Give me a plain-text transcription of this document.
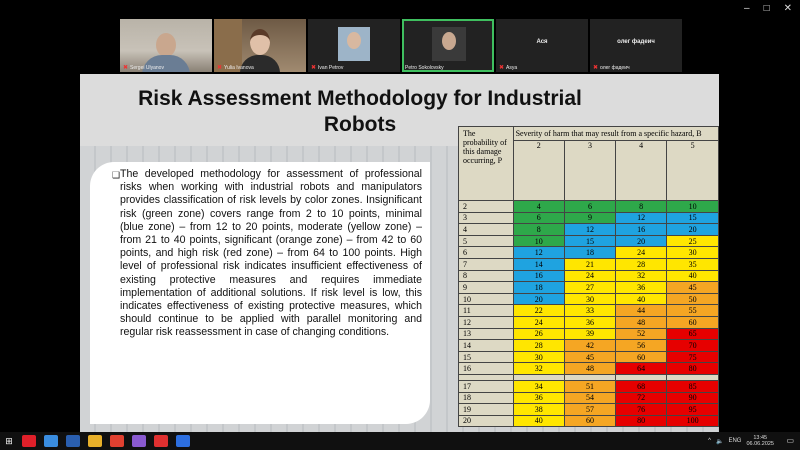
– □ ✕
✖ Sergei Ulyanov	✖ Yulia Ivanova	✖ Ivan Petrov	Petro Sokolovsky
Ася
✖ Asya
олег фадеич
✖ олег фадеич
Risk Assessment Methodology for Industrial Robots
❑ The developed methodology for assessment of professional risks when working with industrial robots and manipulators provides classification of risk levels by color zones. Insignificant risk (green zone) covers range from 2 to 10 points, minimal (blue zone) – from 12 to 20 points, moderate (yellow zone) – from 21 to 40 points, significant (orange zone) – from 42 to 60 points, and high risk (red zone) – from 64 to 100 points. High level of professional risk indicates insufficient effectiveness of existing protective measures and requires immediate implementation of additional solutions. If risk level is low, this indicates effectiveness of existing protective measures, which should continue to be applied with parallel monitoring and regular risk reassessment in case of changing conditions.

The probability of this damage occurring, P	Severity of harm that may result from a specific hazard, B			
	2	3	4	5
2	4	6	8	10
3	6	9	12	15
4	8	12	16	20
5	10	15	20	25
6	12	18	24	30
7	14	21	28	35
8	16	24	32	40
9	18	27	36	45
10	20	30	40	50
11	22	33	44	55
12	24	36	48	60
13	26	39	52	65
14	28	42	56	70
15	30	45	60	75
16	32	48	64	80

17	34	51	68	85
18	36	54	72	90
19	38	57	76	95
20	40	60	80	100
⊞	^ 🔈 ENG	13:45
06.06.2025 ▭
